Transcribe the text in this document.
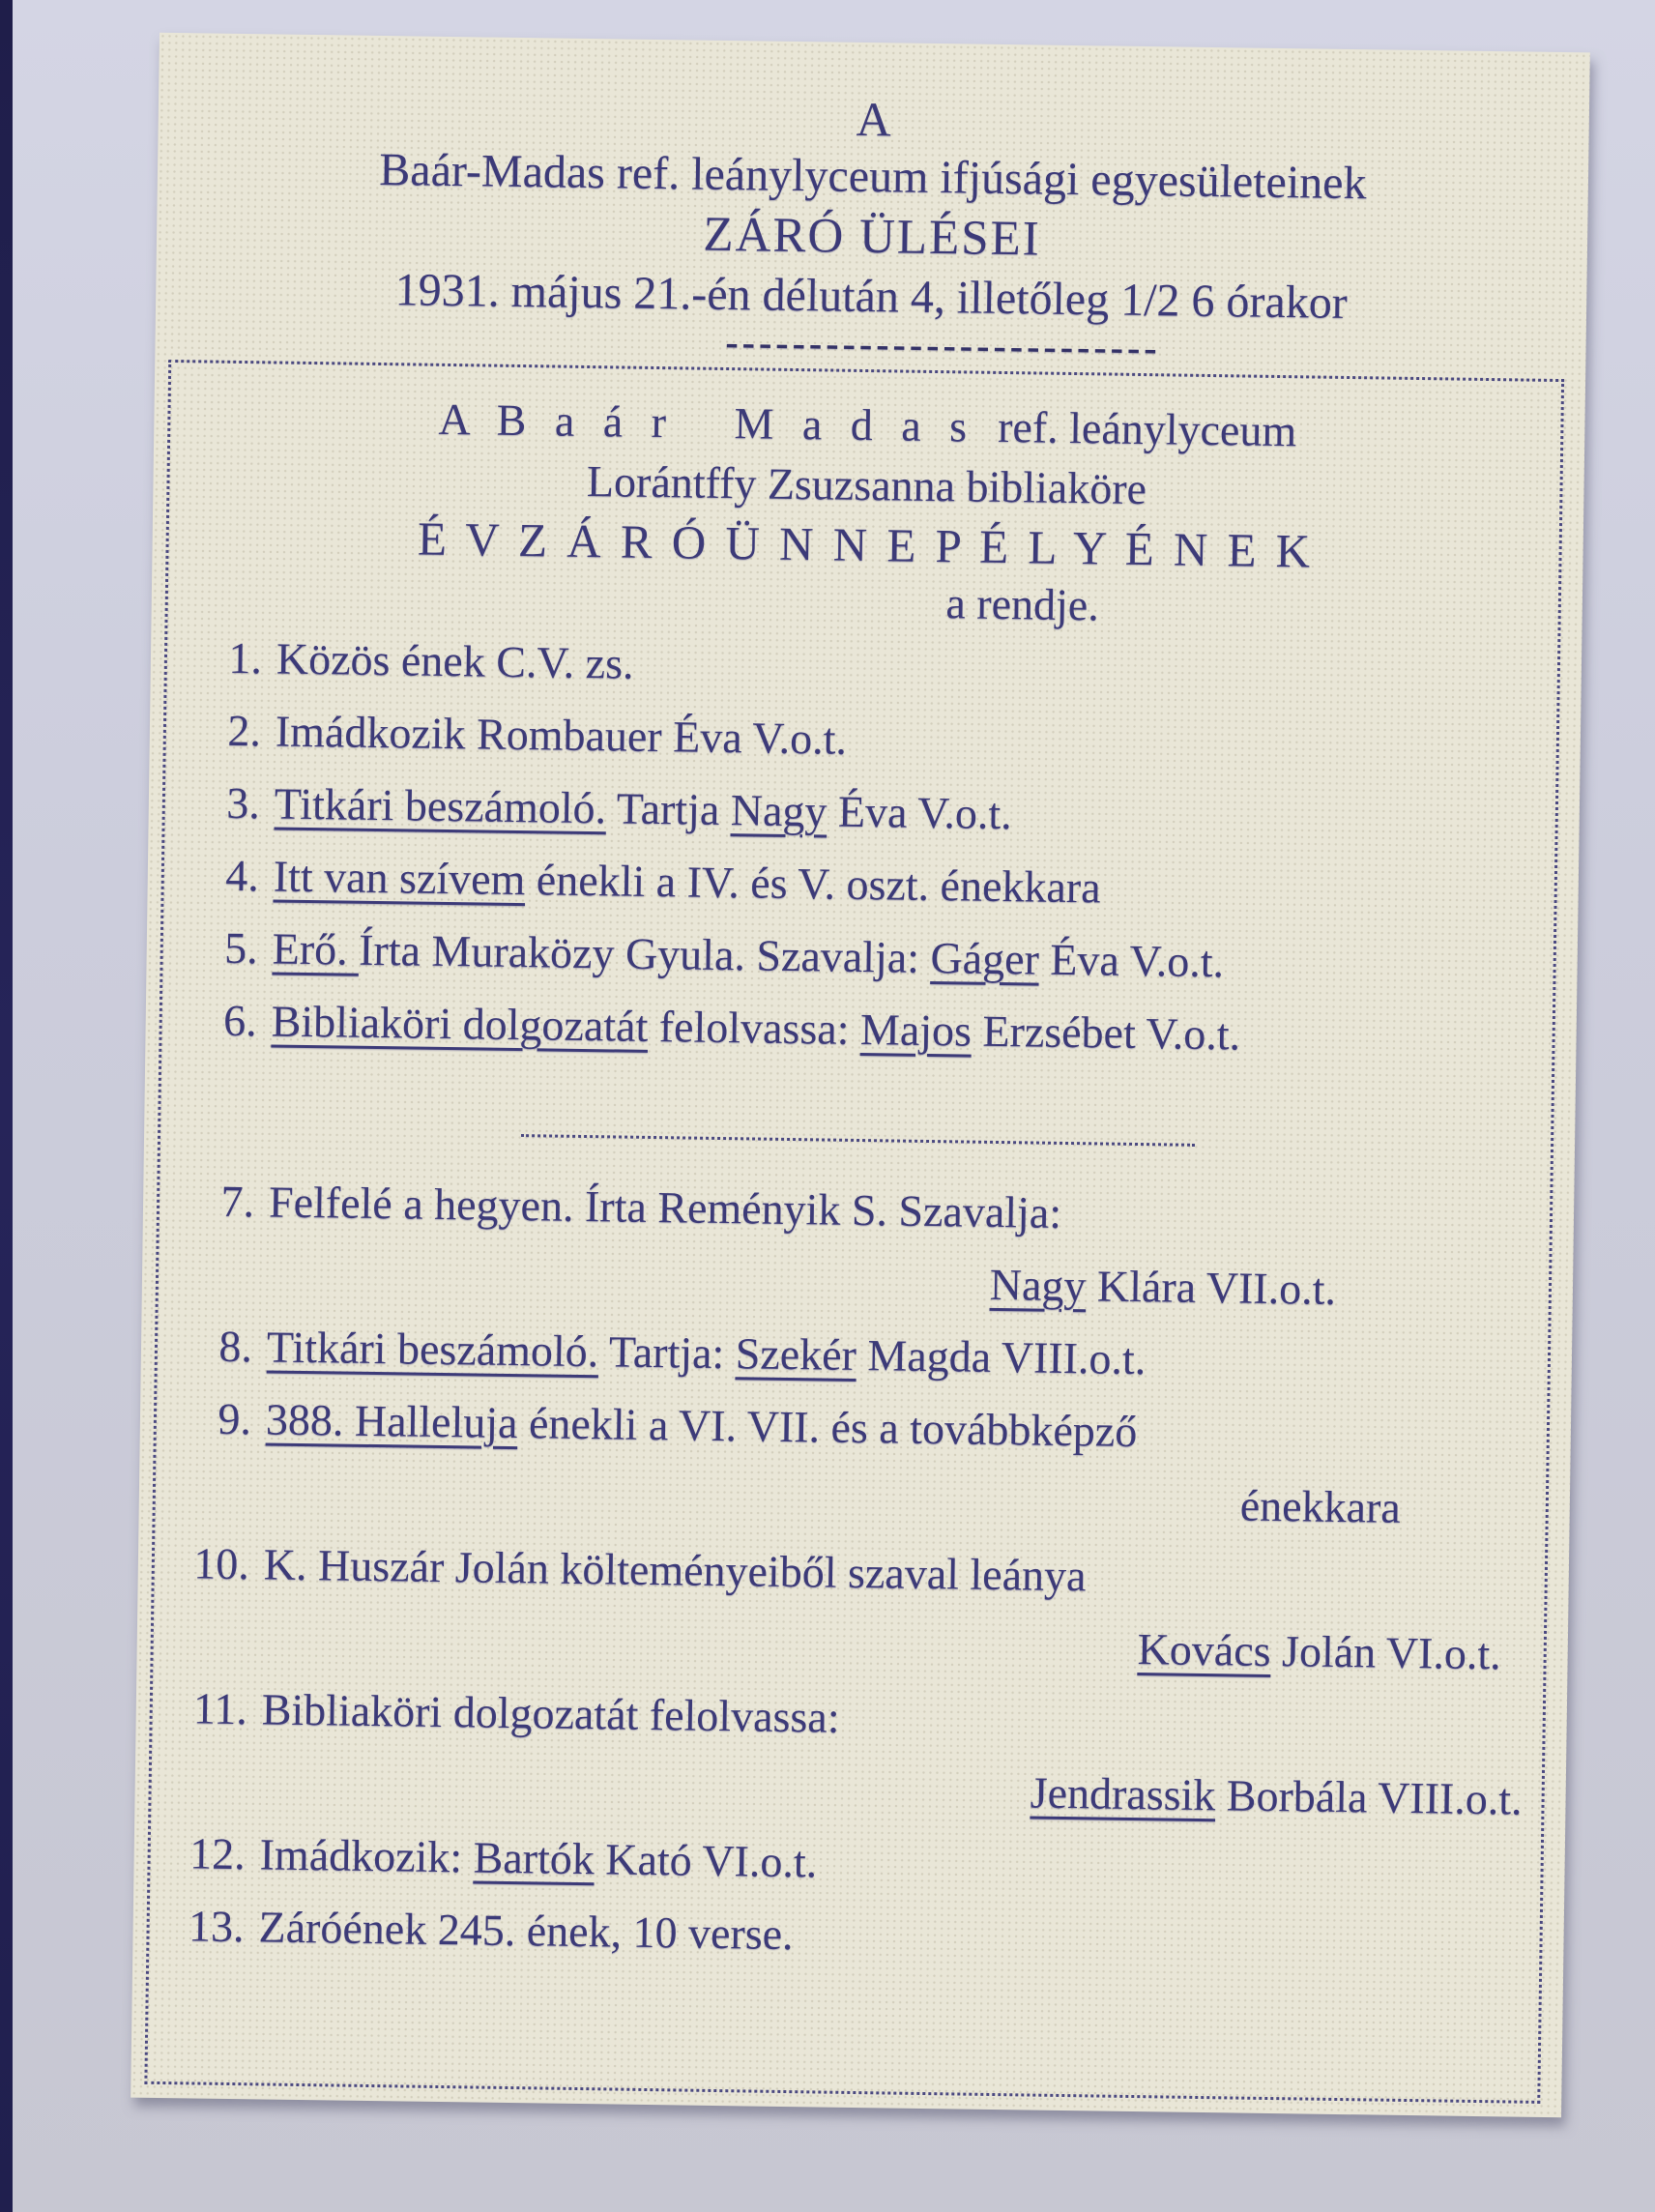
A
Baár-Madas ref. leánylyceum ifjúsági egyesületeinek
ZÁRÓ ÜLÉSEI
1931. május 21.-én délután 4, illetőleg 1/2 6 órakor
--------------------------
A B a á r   M a d a s  ref. leánylyceum
Lorántffy Zsuzsanna bibliaköre
É V Z Á R Ó Ü N N E P É L Y É N E K
a rendje.
1. Közös ének C.V. zs.
2. Imádkozik Rombauer Éva V.o.t.
3. Titkári beszámoló. Tartja Nagy Éva V.o.t.
4. Itt van szívem énekli a IV. és V. oszt. énekkara
5. Erő. Írta Muraközy Gyula. Szavalja: Gáger Éva V.o.t.
6. Bibliaköri dolgozatát felolvassa: Majos Erzsébet V.o.t.
7. Felfelé a hegyen. Írta Reményik S. Szavalja:
Nagy Klára VII.o.t.
8. Titkári beszámoló. Tartja: Szekér Magda VIII.o.t.
9. 388. Halleluja énekli a VI. VII. és a továbbképző
énekkara
10. K. Huszár Jolán költeményeiből szaval leánya
Kovács Jolán VI.o.t.
11. Bibliaköri dolgozatát felolvassa:
Jendrassik Borbála VIII.o.t.
12. Imádkozik: Bartók Kató VI.o.t.
13. Záróének 245. ének, 10 verse.
